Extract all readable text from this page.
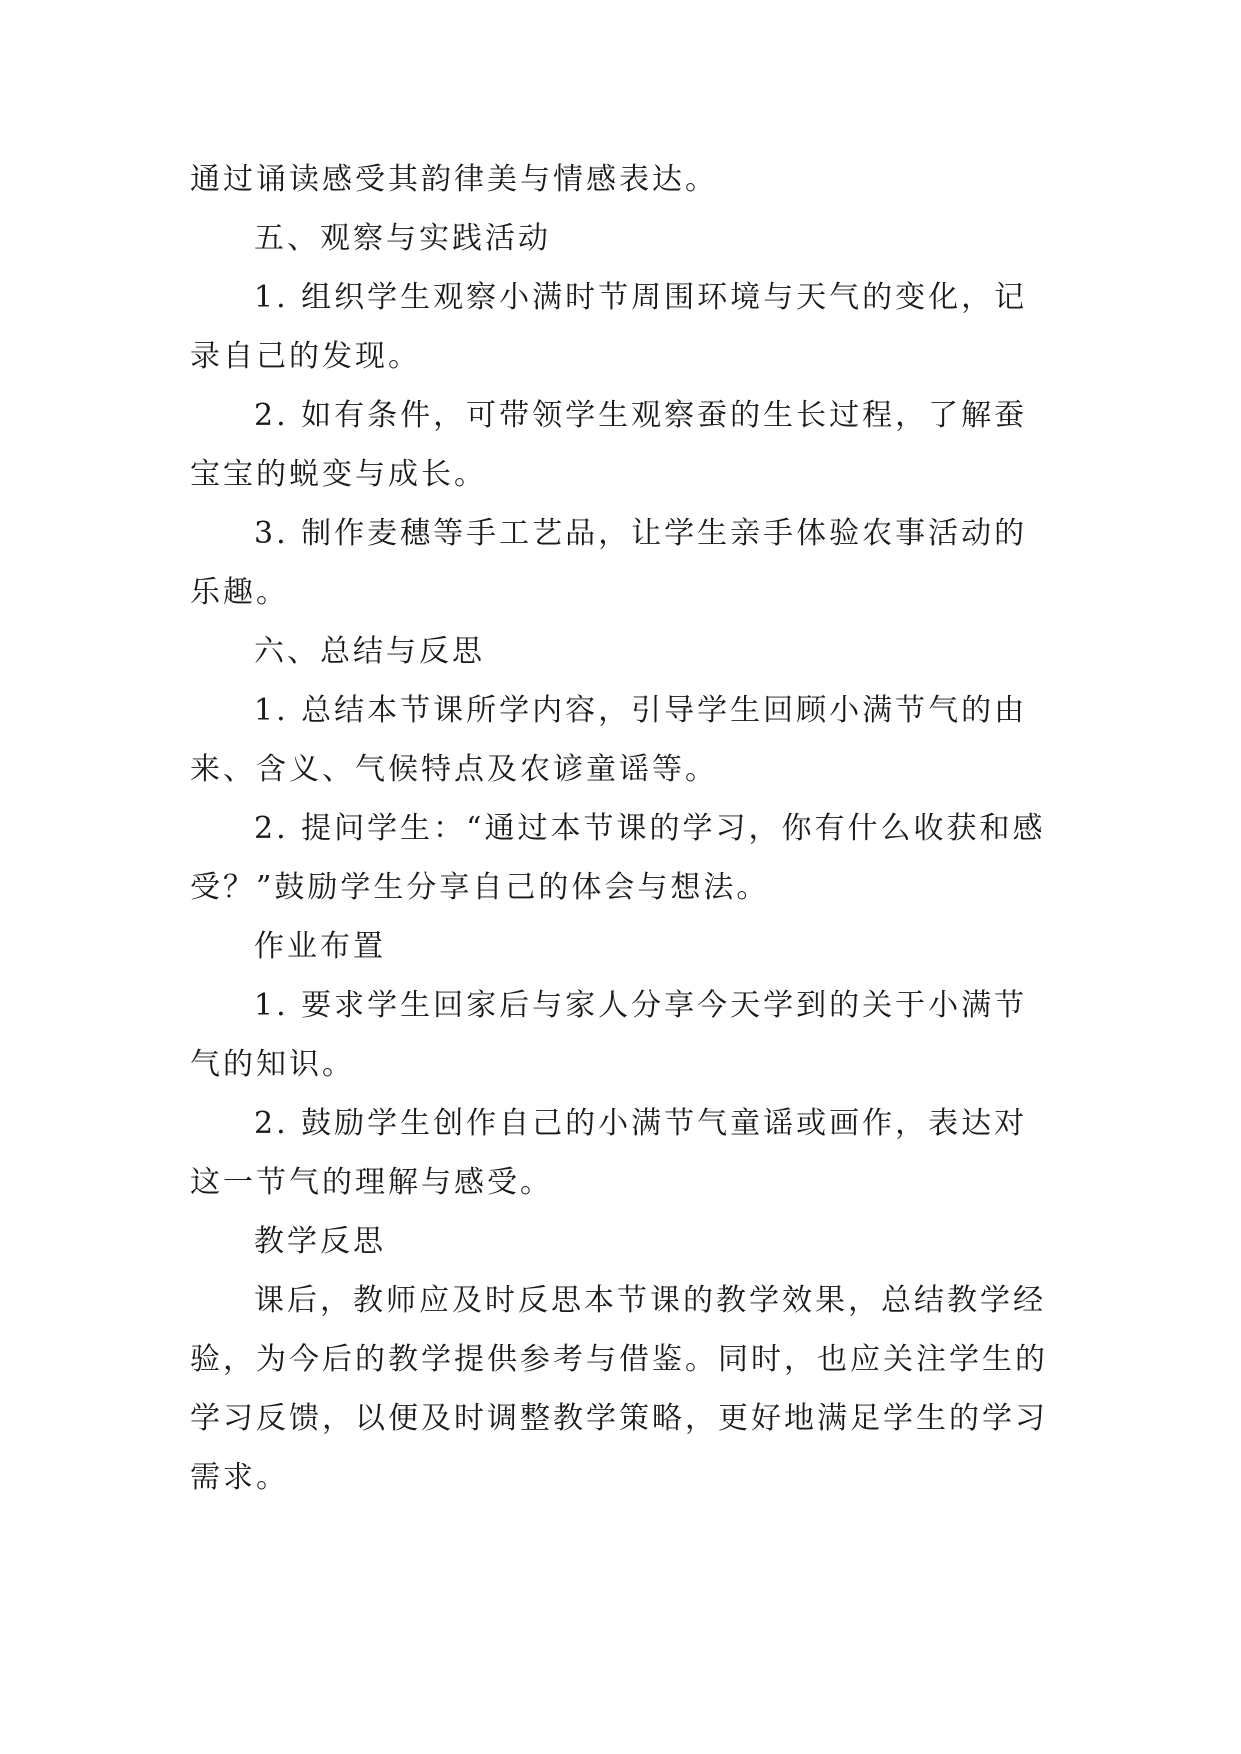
通过诵读感受其韵律美与情感表达。
五、观察与实践活动
1. 组织学生观察小满时节周围环境与天气的变化，记
录自己的发现。
2. 如有条件，可带领学生观察蚕的生长过程，了解蚕
宝宝的蜕变与成长。
3. 制作麦穗等手工艺品，让学生亲手体验农事活动的
乐趣。
六、总结与反思
1. 总结本节课所学内容，引导学生回顾小满节气的由
来、含义、气候特点及农谚童谣等。
2. 提问学生：“通过本节课的学习，你有什么收获和感
受？”鼓励学生分享自己的体会与想法。
作业布置
1. 要求学生回家后与家人分享今天学到的关于小满节
气的知识。
2. 鼓励学生创作自己的小满节气童谣或画作，表达对
这一节气的理解与感受。
教学反思
课后，教师应及时反思本节课的教学效果，总结教学经
验，为今后的教学提供参考与借鉴。同时，也应关注学生的
学习反馈，以便及时调整教学策略，更好地满足学生的学习
需求。
